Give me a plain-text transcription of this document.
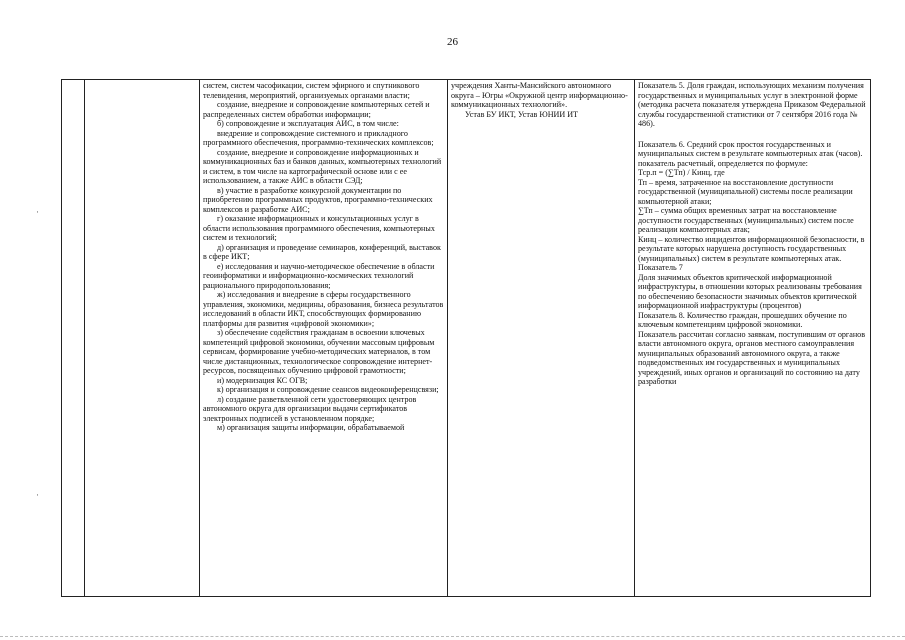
26

систем, систем часофикации, систем эфирного и спутникового телевидения, мероприятий, организуемых органами власти;

создание, внедрение и сопровождение компьютерных сетей и распределенных систем обработки информации;

б) сопровождение и эксплуатация АИС, в том числе:

внедрение и сопровождение системного и прикладного программного обеспечения, программно-технических комплексов;

создание, внедрение и сопровождение информационных и коммуникационных баз и банков данных, компьютерных технологий и систем, в том числе на картографической основе или с ее использованием, а также АИС в области СЭД;

в) участие в разработке конкурсной документации по приобретению программных продуктов, программно-технических комплексов и разработке АИС;

г) оказание информационных и консультационных услуг в области использования программного обеспечения, компьютерных систем и технологий;

д) организация и проведение семинаров, конференций, выставок в сфере ИКТ;

е) исследования и научно-методическое обеспечение в области геоинформатики и информационно-космических технологий рационального природопользования;

ж) исследования и внедрение в сферы государственного управления, экономики, медицины, образования, бизнеса результатов исследований в области ИКТ, способствующих формированию платформы для развития «цифровой экономики»;

з) обеспечение содействия гражданам в освоении ключевых компетенций цифровой экономики, обучении массовым цифровым сервисам, формирование учебно-методических материалов, в том числе дистанционных, технологическое сопровождение интернет-ресурсов, посвященных обучению цифровой грамотности;

и) модернизация КС ОГВ;

к) организация и сопровождение сеансов видеоконференцсвязи;

л) создание разветвленной сети удостоверяющих центров автономного округа для организации выдачи сертификатов электронных подписей в установленном порядке;

м) организация защиты информации, обрабатываемой

учреждения Ханты-Мансийского автономного округа – Югры «Окружной центр информационно-коммуникационных технологий».

Устав БУ ИКТ, Устав ЮНИИ ИТ

Показатель 5. Доля граждан, использующих механизм получения государственных и муниципальных услуг в электронной форме (методика расчета показателя утверждена Приказом Федеральной службы государственной статистики от 7 сентября 2016 года № 486).

Показатель 6. Средний срок простоя государственных и муниципальных систем в результате компьютерных атак (часов). показатель расчетный, определяется по формуле:

Тср.п = (∑Тп) / Кинц, где

Тп – время, затраченное на восстановление доступности государственной (муниципальной) системы после реализации компьютерной атаки;

∑Тп – сумма общих временных затрат на восстановление доступности государственных (муниципальных) систем после реализации компьютерных атак;

Кинц – количество инцидентов информационной безопасности, в результате которых нарушена доступность государственных (муниципальных) систем в результате компьютерных атак.

Показатель 7

Доля значимых объектов критической информационной инфраструктуры, в отношении которых реализованы требования по обеспечению безопасности значимых объектов критической информационной инфраструктуры (процентов)

Показатель 8. Количество граждан, прошедших обучение по ключевым компетенциям цифровой экономики.

Показатель рассчитан согласно заявкам, поступившим от органов власти автономного округа, органов местного самоуправления муниципальных образований автономного округа, а также подведомственных им государственных и муниципальных учреждений, иных органов и организаций по состоянию на дату разработки

·
·
